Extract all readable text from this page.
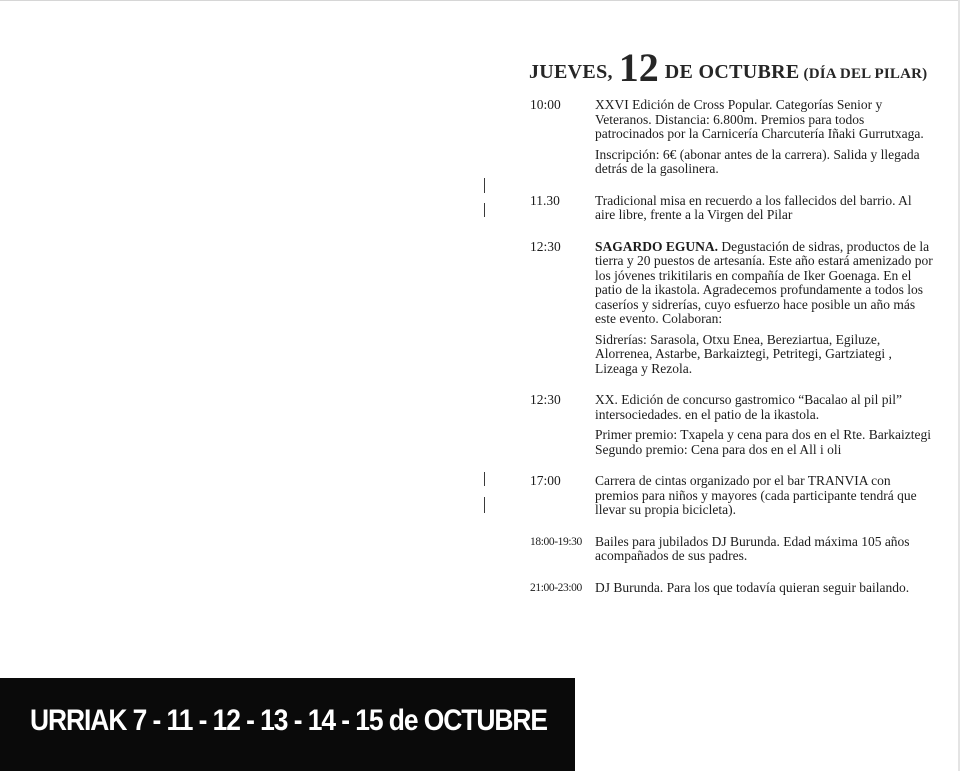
JUEVES, 12 DE OCTUBRE (DÍA DEL PILAR)
10:00	XXVI Edición de Cross Popular. Categorías Senior y Veteranos. Distancia: 6.800m. Premios para todos patrocinados por la Carnicería Charcutería Iñaki Gurrutxaga.

Inscripción: 6€ (abonar antes de la carrera). Salida y llegada detrás de la gasolinera.

11.30	Tradicional misa en recuerdo a los fallecidos del barrio. Al aire libre, frente a la Virgen del Pilar

12:30	SAGARDO EGUNA. Degustación de sidras, productos de la tierra y 20 puestos de artesanía. Este año estará amenizado por los jóvenes trikitilaris en compañía de Iker Goenaga. En el patio de la ikastola. Agradecemos profundamente a todos los caseríos y sidrerías, cuyo esfuerzo hace posible un año más este evento. Colaboran:

Sidrerías: Sarasola, Otxu Enea, Bereziartua, Egiluze, Alorrenea, Astarbe, Barkaiztegi, Petritegi, Gartziategi , Lizeaga y Rezola.

12:30	XX. Edición de concurso gastromico “Bacalao al pil pil” intersociedades. en el patio de la ikastola.

Primer premio: Txapela y cena para dos en el Rte. Barkaiztegi Segundo premio: Cena para dos en el All i oli

17:00	Carrera de cintas organizado por el bar TRANVIA con premios para niños y mayores (cada participante tendrá que llevar su propia bicicleta).

18:00-19:30 Bailes para jubilados DJ Burunda. Edad máxima 105 años acompañados de sus padres.

21:00-23:00 DJ Burunda. Para los que todavía quieran seguir bailando.

URRIAK 7 - 11 - 12 - 13 - 14 - 15 de OCTUBRE
